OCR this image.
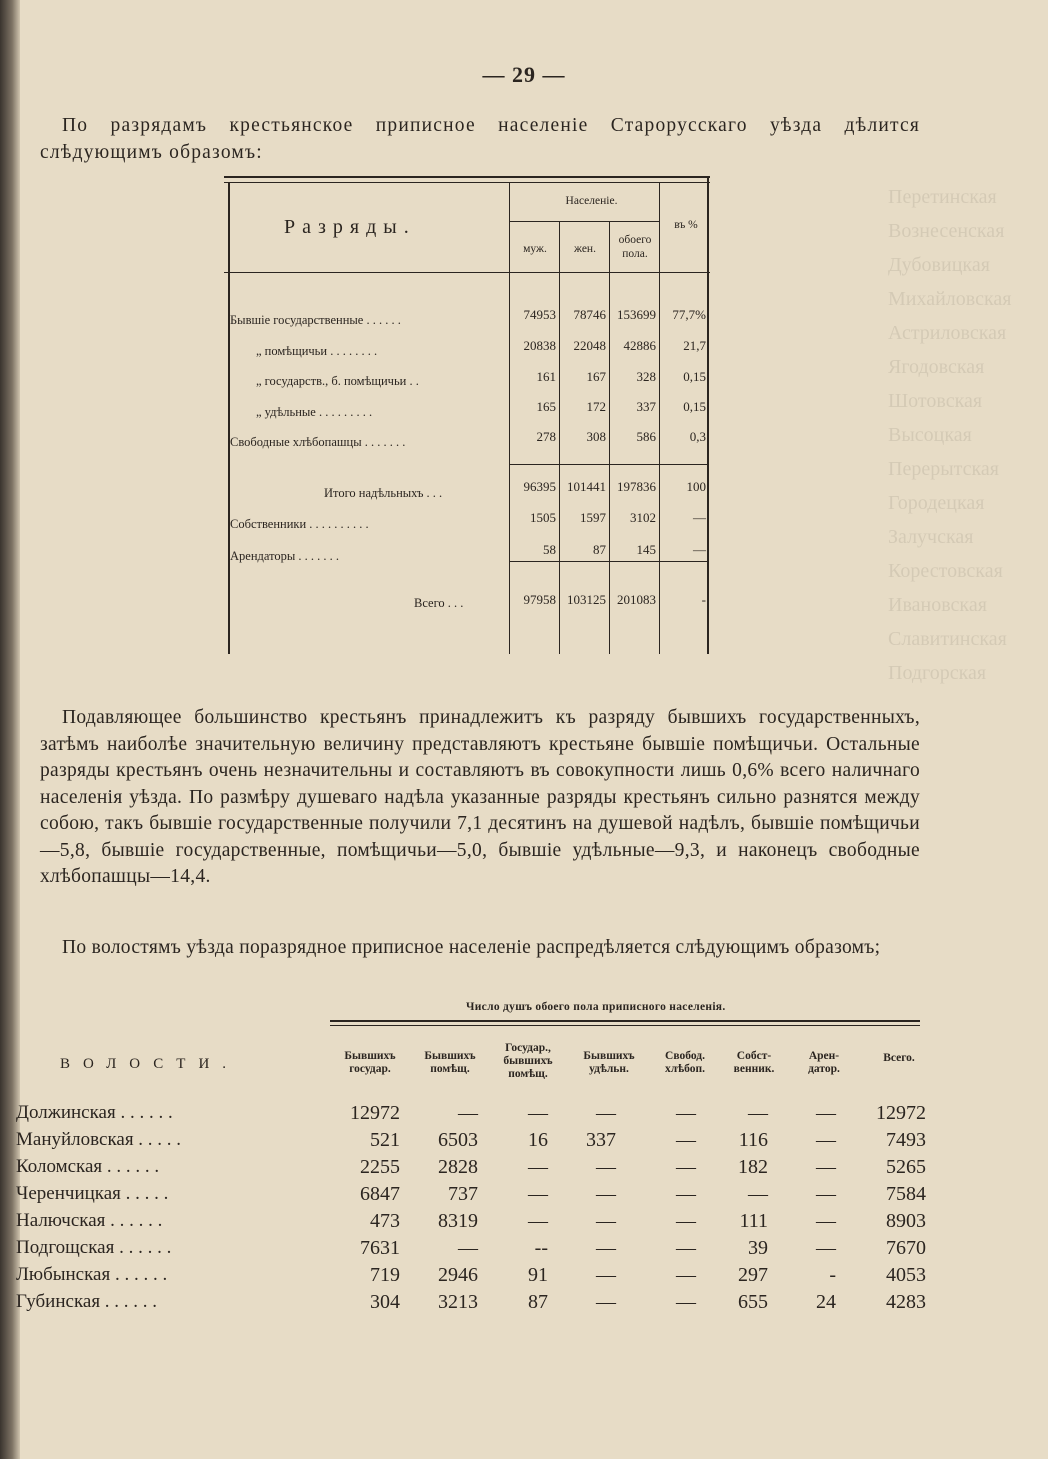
Перетинская
Вознесенская
Дубовицкая
Михайловская
Астриловская
Ягодовская
Шотовская
Высоцкая
Перерытская
Городецкая
Залучская
Корестовская
Ивановская
Славитинская
Подгорская
— 29 —
По разрядамъ крестьянское приписное населеніе Старорусскаго уѣзда дѣлится слѣдующимъ образомъ:
Разряды.
Населеніе.
въ %
муж.	жен.
обоего пола.
Бывшіе государственные . . . . . .	74953	78746 153699	77,7%
„ помѣщичьи . . . . . . . .	20838	22048	42886	21,7
„ государств., б. помѣщичьи . .	161	167	328	0,15
„ удѣльные . . . . . . . . .	165	172	337	0,15
Свободные хлѣбопашцы . . . . . . .	278	308	586	0,3
Итого надѣльныхъ . . .	96395 101441 197836	100
Собственники . . . . . . . . . .	1505	1597	3102	—
Арендаторы . . . . . . .	58	87	145	—
Всего . . .	97958 103125 201083	-
Подавляющее большинство крестьянъ принадлежитъ къ разряду бывшихъ государственныхъ, затѣмъ наиболѣе значительную величину представляютъ крестьяне бывшіе помѣщичьи. Остальные разряды крестьянъ очень незначительны и составляютъ въ совокупности лишь 0,6% всего наличнаго населенія уѣзда. По размѣру душеваго надѣла указанные разряды крестьянъ сильно разнятся между собою, такъ бывшіе государственные получили 7,1 десятинъ на душевой надѣлъ, бывшіе помѣщичьи—5,8, бывшіе государственные, помѣщичьи—5,0, бывшіе удѣльные—9,3, и наконецъ свободные хлѣбопашцы—14,4.
По волостямъ уѣзда поразрядное приписное населеніе распредѣляется слѣдующимъ образомъ;
Число душъ обоего пола приписного населенія.
ВОЛОСТИ.	Бывшихъ государ.
Бывшихъ помѣщ.
Государ., бывшихъ помѣщ.
Бывшихъ удѣльн.
Свобод. хлѣбоп.
Собст- венник.
Арен- датор.
Всего.
Должинская . . . . . .	12972	—	—	—	—	—	—	12972
Мануйловская . . . . .	521	6503	16	337	—	116	—	7493
Коломская . . . . . .	2255	2828	—	—	—	182	—	5265
Черенчицкая . . . . .	6847	737	—	—	—	—	—	7584
Налючская . . . . . .	473	8319	—	—	—	111	—	8903
Подгощская . . . . . .	7631	—	--	—	—	39	—	7670
Любынская . . . . . .	719	2946	91	—	—	297	-	4053
Губинская . . . . . .	304	3213	87	—	—	655	24	4283
